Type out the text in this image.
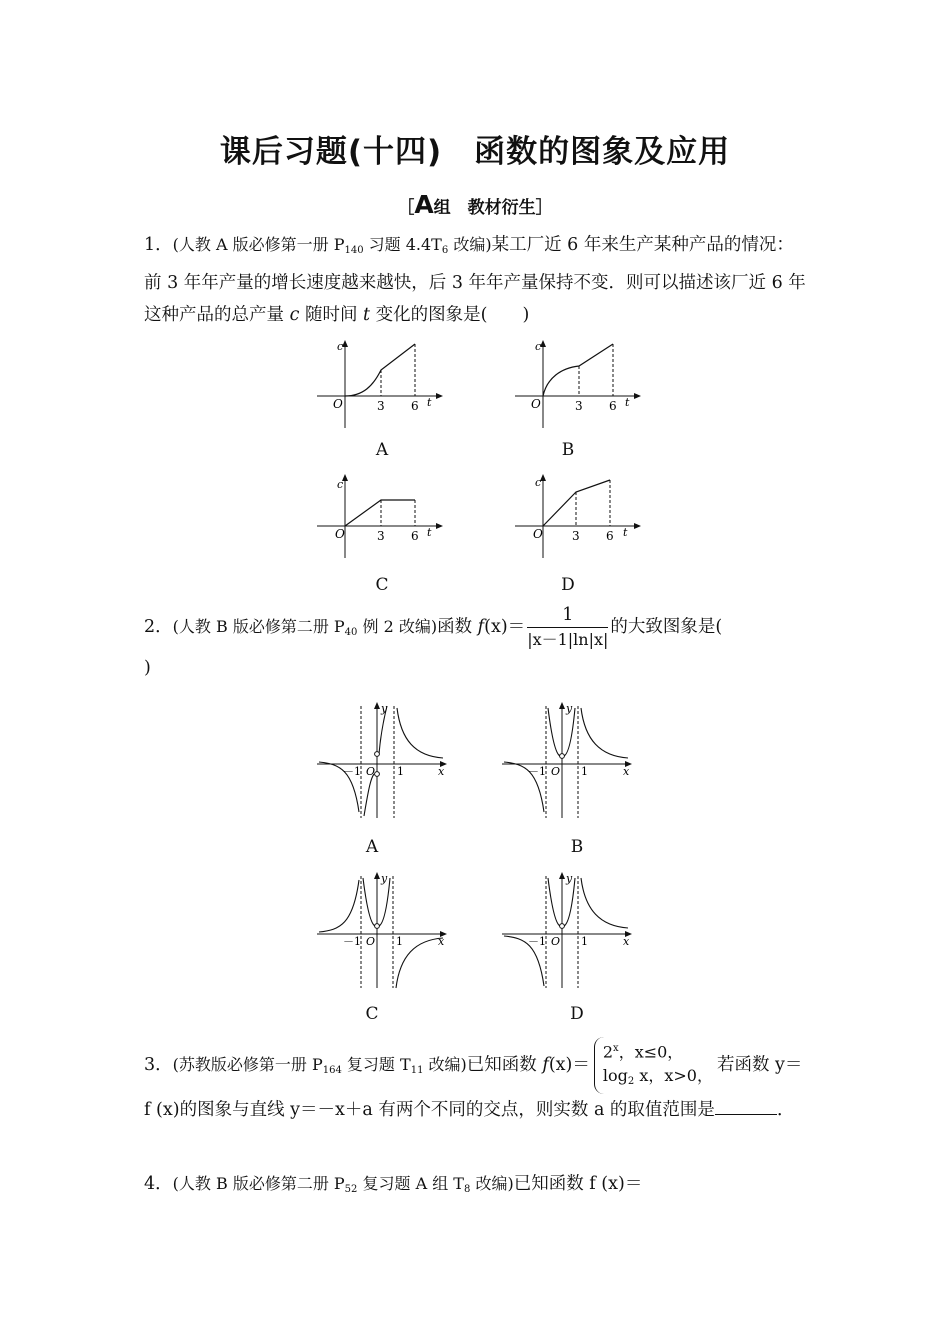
课后习题(十四)　函数的图象及应用
［A组　教材衍生］
1．(人教 A 版必修第一册 $P_{140}$ 习题 $4.4T_6$ 改编)某工厂近 6 年来生产某种产品的情况：前 3 年年产量的增长速度越来越快，后 3 年年产量保持不变．则可以描述该厂近 6 年这种产品的总产量 c 随时间 t 变化的图象是(　　)
c
O	3 6 t
A
c
O	3 6 t
B
c
O	3 6 t
C
c
O 3 6 t
D
2．(人教 B 版必修第二册 $P_{40}$ 例 2 改编)函数 $f(x)= \frac{1}{|x-1|\ln|x|}$ 的大致图象是(
)
y
－1 O 1	x
A
y
－1 O 1	x
B
y
－1 O 1	x
C
y
－1 O 1	x
D
3．(苏教版必修第一册 $P_{164}$ 复习题 $T_{11}$ 改编)已知函数 $f(x)=2^x$，x≤0，
$\log_2 x$，x>0，若函数 y＝f (x)的图象与直线 y＝－x＋a 有两个不同的交点，则实数 a 的取值范围是	．
4．(人教 B 版必修第二册 $P_{52}$ 复习题 A 组 $T_8$ 改编)已知函数 f (x)＝
